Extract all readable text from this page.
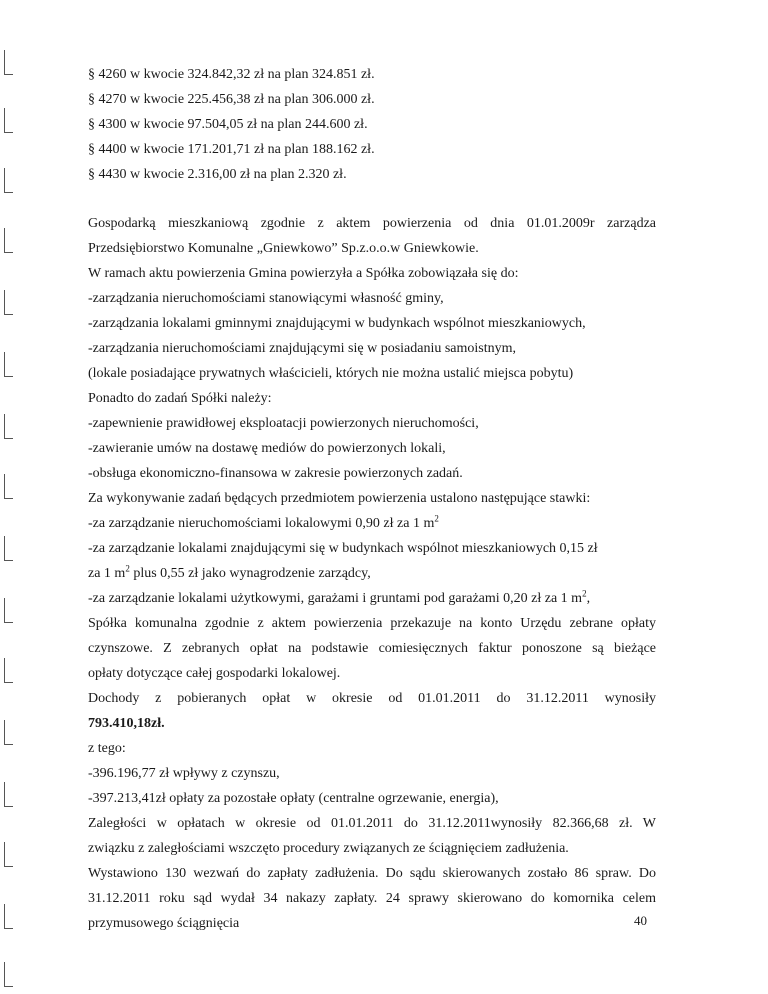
§ 4260 w kwocie 324.842,32 zł na plan 324.851 zł.
§ 4270 w kwocie 225.456,38 zł na plan 306.000 zł.
§ 4300 w kwocie 97.504,05 zł na plan 244.600 zł.
§ 4400 w kwocie 171.201,71 zł na plan 188.162 zł.
§ 4430 w kwocie 2.316,00 zł na plan 2.320 zł.
Gospodarką mieszkaniową zgodnie z aktem powierzenia od dnia 01.01.2009r zarządza
Przedsiębiorstwo Komunalne „Gniewkowo” Sp.z.o.o.w Gniewkowie.
W ramach aktu powierzenia Gmina powierzyła a Spółka zobowiązała się do:
-zarządzania nieruchomościami stanowiącymi własność gminy,
-zarządzania lokalami gminnymi znajdującymi w budynkach wspólnot mieszkaniowych,
-zarządzania nieruchomościami znajdującymi się w posiadaniu samoistnym,
(lokale posiadające prywatnych właścicieli, których nie można ustalić miejsca pobytu)
Ponadto do zadań Spółki należy:
-zapewnienie prawidłowej eksploatacji powierzonych nieruchomości,
-zawieranie umów na dostawę mediów do powierzonych lokali,
-obsługa ekonomiczno-finansowa w zakresie powierzonych zadań.
Za wykonywanie zadań będących przedmiotem powierzenia ustalono następujące stawki:
-za zarządzanie nieruchomościami lokalowymi 0,90 zł za 1 $m^2$
-za zarządzanie lokalami znajdującymi się w budynkach wspólnot mieszkaniowych 0,15 zł
za 1 $m^2$ plus 0,55 zł jako wynagrodzenie zarządcy,
-za zarządzanie lokalami użytkowymi, garażami i gruntami pod garażami 0,20 zł za 1 $m^2$,
Spółka komunalna zgodnie z aktem powierzenia przekazuje na konto Urzędu zebrane opłaty
czynszowe. Z zebranych opłat na podstawie comiesięcznych faktur ponoszone są bieżące
opłaty dotyczące całej gospodarki lokalowej.
Dochody z pobieranych opłat w okresie od 01.01.2011 do 31.12.2011 wynosiły
793.410,18zł.
z tego:
-396.196,77 zł wpływy z czynszu,
-397.213,41zł opłaty za pozostałe opłaty (centralne ogrzewanie, energia),
Zaległości w opłatach w okresie od 01.01.2011 do 31.12.2011wynosiły 82.366,68 zł. W
związku z zaległościami wszczęto procedury związanych ze ściągnięciem zadłużenia.
Wystawiono 130 wezwań do zapłaty zadłużenia. Do sądu skierowanych zostało 86 spraw. Do
31.12.2011 roku sąd wydał 34 nakazy zapłaty. 24 sprawy skierowano do komornika celem
przymusowego ściągnięcia	40
